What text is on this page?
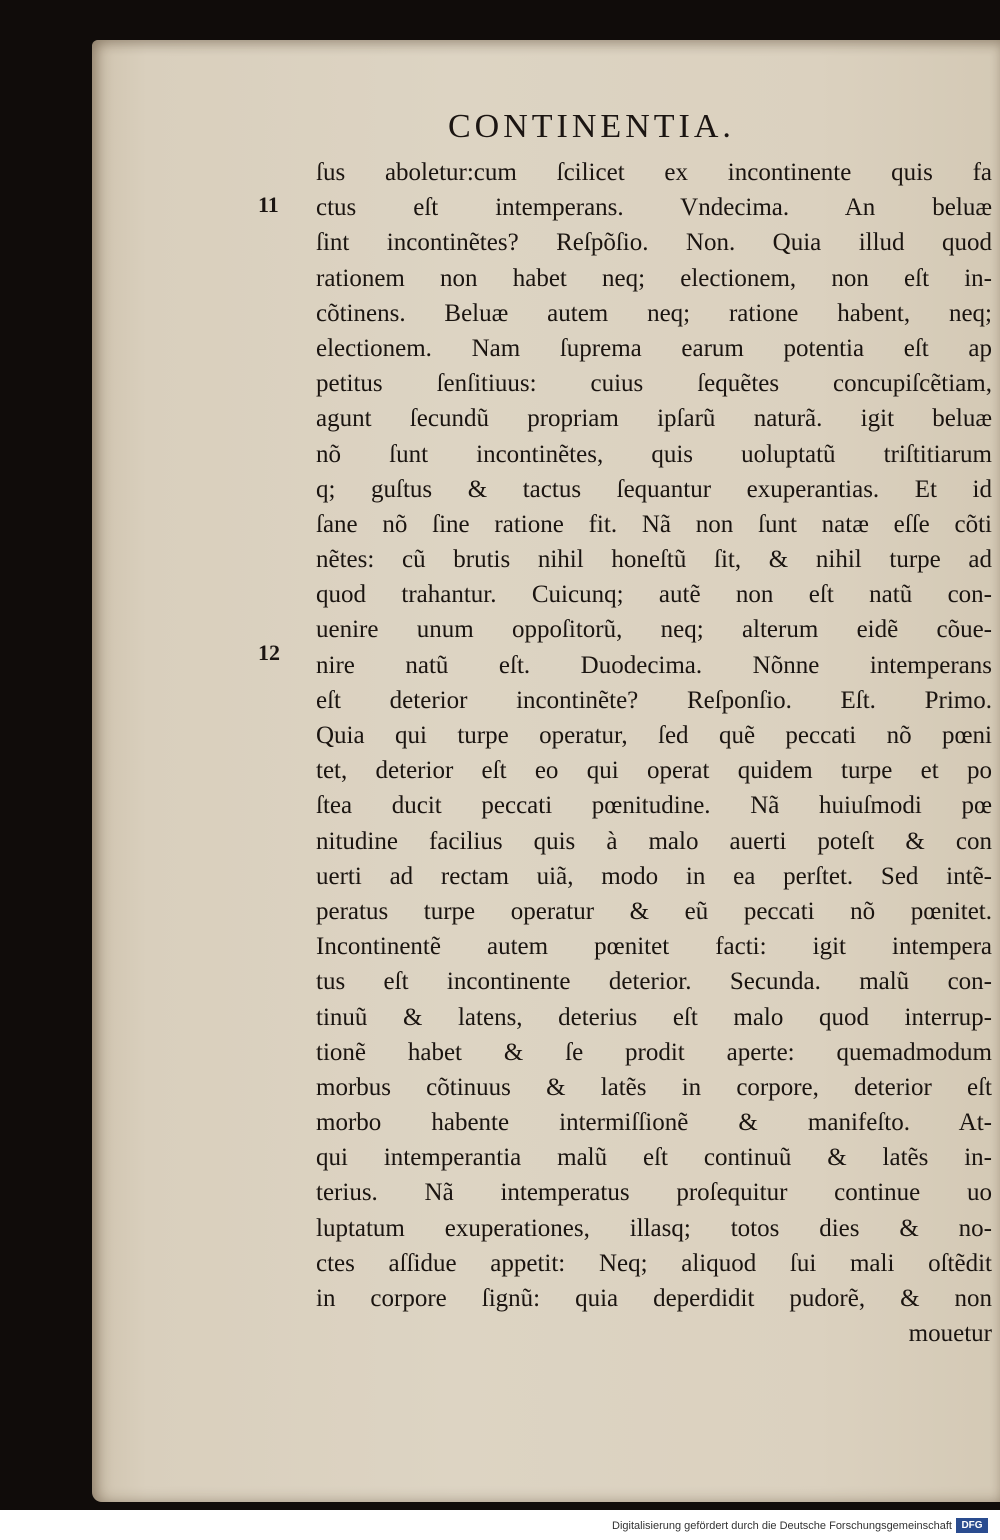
CONTINENTIA.
11
12
ſus aboletur:cum ſcilicet ex incontinente quis fa
ctus eſt intemperans. Vndecima. An beluæ
ſint incontinẽtes? Reſpõſio. Non. Quia illud quod
rationem non habet neq; electionem, non eſt in-
cõtinens. Beluæ autem neq; ratione habent, neq;
electionem. Nam ſuprema earum potentia eſt ap
petitus ſenſitiuus: cuius ſequẽtes concupiſcẽtiam,
agunt ſecundũ propriam ipſarũ naturã. igit beluæ
nõ ſunt incontinẽtes, quis uoluptatũ triſtitiarum
q; guſtus & tactus ſequantur exuperantias. Et id
ſane nõ ſine ratione fit. Nã non ſunt natæ eſſe cõti
nẽtes: cũ brutis nihil honeſtũ ſit, & nihil turpe ad
quod trahantur. Cuicunq; autẽ non eſt natũ con-
uenire unum oppoſitorũ, neq; alterum eidẽ cõue-
nire natũ eſt. Duodecima. Nõnne intemperans
eſt deterior incontinẽte? Reſponſio. Eſt. Primo.
Quia qui turpe operatur, ſed quẽ peccati nõ pœni
tet, deterior eſt eo qui operat quidem turpe et po
ſtea ducit peccati pœnitudine. Nã huiuſmodi pœ
nitudine facilius quis à malo auerti poteſt & con
uerti ad rectam uiã, modo in ea perſtet. Sed intẽ-
peratus turpe operatur & eũ peccati nõ pœnitet.
Incontinentẽ autem pœnitet facti: igit intempera
tus eſt incontinente deterior. Secunda. malũ con-
tinuũ & latens, deterius eſt malo quod interrup-
tionẽ habet & ſe prodit aperte: quemadmodum
morbus cõtinuus & latẽs in corpore, deterior eſt
morbo habente intermiſſionẽ & manifeſto. At-
qui intemperantia malũ eſt continuũ & latẽs in-
terius. Nã intemperatus proſequitur continue uo
luptatum exuperationes, illasq; totos dies & no-
ctes aſſidue appetit: Neq; aliquod ſui mali oſtẽdit
in corpore ſignũ: quia deperdidit pudorẽ, & non
mouetur
Digitalisierung gefördert durch die Deutsche Forschungsgemeinschaft DFG
